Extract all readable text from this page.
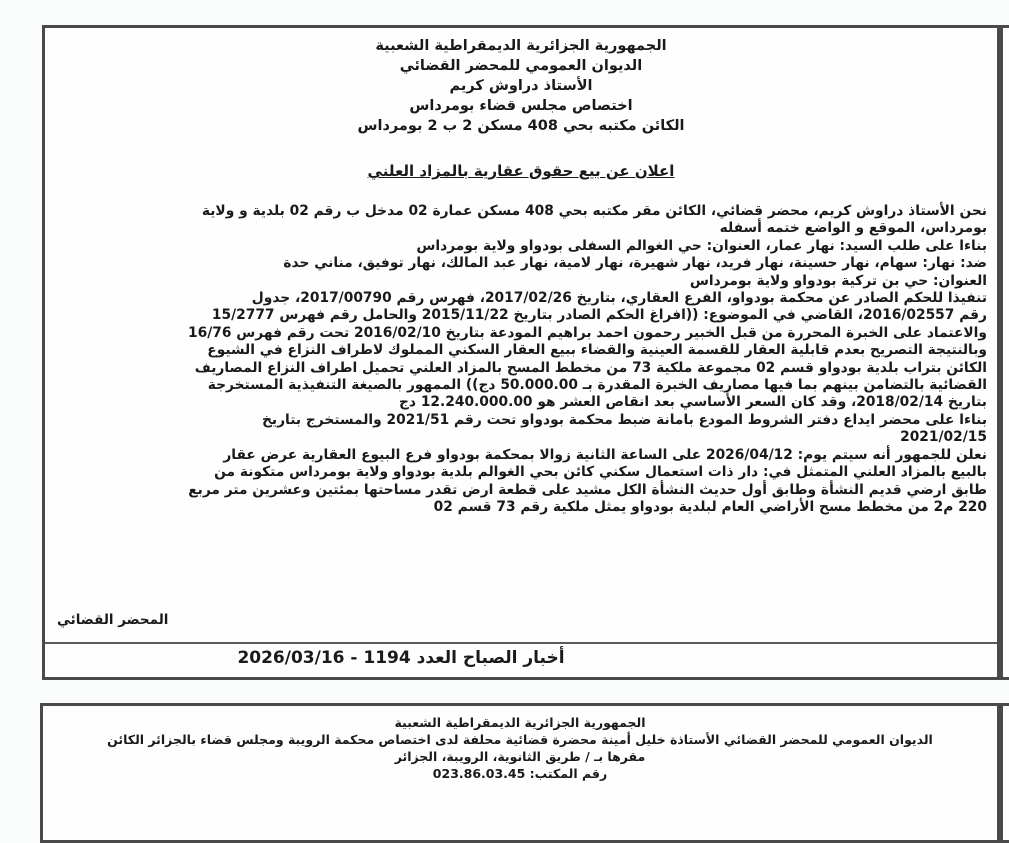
الجمهورية الجزائرية الديمقراطية الشعبية
الديوان العمومي للمحضر القضائي
الأستاذ دراوش كريم
اختصاص مجلس قضاء بومرداس
الكائن مكتبه بحي 408 مسكن 2 ب 2 بومرداس
اعلان عن بيع حقوق عقارية بالمزاد العلني

نحن الأستاذ دراوش كريم، محضر قضائي، الكائن مقر مكتبه بحي 408 مسكن عمارة 02 مدخل ب رقم 02 بلدية و ولاية

بومرداس، الموقع و الواضع ختمه أسفله

بناءا على طلب السيد: نهار عمار، العنوان: حي الغوالم السفلى بودواو ولاية بومرداس

ضد: نهار: سهام، نهار حسينة، نهار فريد، نهار شهيرة، نهار لامية، نهار عبد المالك، نهار توفيق، مناني حدة

العنوان: حي بن تركية بودواو ولاية بومرداس

تنفيذا للحكم الصادر عن محكمة بودواو، الفرع العقاري، بتاريخ 2017/02/26، فهرس رقم 2017/00790، جدول

رقم 2016/02557، القاضي في الموضوع: ((افراغ الحكم الصادر بتاريخ 2015/11/22 والحامل رقم فهرس 15/2777

والاعتماد على الخبرة المحررة من قبل الخبير رحمون احمد براهيم المودعة بتاريخ 2016/02/10 تحت رقم فهرس 16/76

وبالنتيجة التصريح بعدم قابلية العقار للقسمة العينية والقضاء ببيع العقار السكني المملوك لاطراف النزاع في الشيوع

الكائن بتراب بلدية بودواو قسم 02 مجموعة ملكية 73 من مخطط المسح بالمزاد العلني تحميل اطراف النزاع المصاريف

القضائية بالتضامن بينهم بما فيها مصاريف الخبرة المقدرة بـ 50.000.00 دج)) الممهور بالصيغة التنفيذية المستخرجة

بتاريخ 2018/02/14، وقد كان السعر الأساسي بعد انقاص العشر هو 12.240.000.00 دج

بناءا على محضر ايداع دفتر الشروط المودع بامانة ضبط محكمة بودواو تحت رقم 2021/51 والمستخرج بتاريخ

2021/02/15

نعلن للجمهور أنه سيتم يوم: 2026/04/12 على الساعة الثانية زوالا بمحكمة بودواو فرع البيوع العقارية عرض عقار

بالبيع بالمزاد العلني المتمثل في: دار ذات استعمال سكني كائن بحي الغوالم بلدية بودواو ولاية بومرداس متكونة من

طابق ارضي قديم النشأة وطابق أول حديث النشأة الكل مشيد على قطعة ارض تقدر مساحتها بمئتين وعشرين متر مربع

220 م2 من مخطط مسح الأراضي العام لبلدية بودواو يمثل ملكية رقم 73 قسم 02

المحضر القضائي
أخبار الصباح العدد 1194 - 2026/03/16
الجمهورية الجزائرية الديمقراطية الشعبية
الديوان العمومي للمحضر القضائي الأستاذة خليل أمينة محضرة قضائية محلفة لدى اختصاص محكمة الرويبة ومجلس قضاء بالجزائر الكائن
مقرها بـ / طريق الثانوية، الرويبة، الجزائر
رقم المكتب: 023.86.03.45
